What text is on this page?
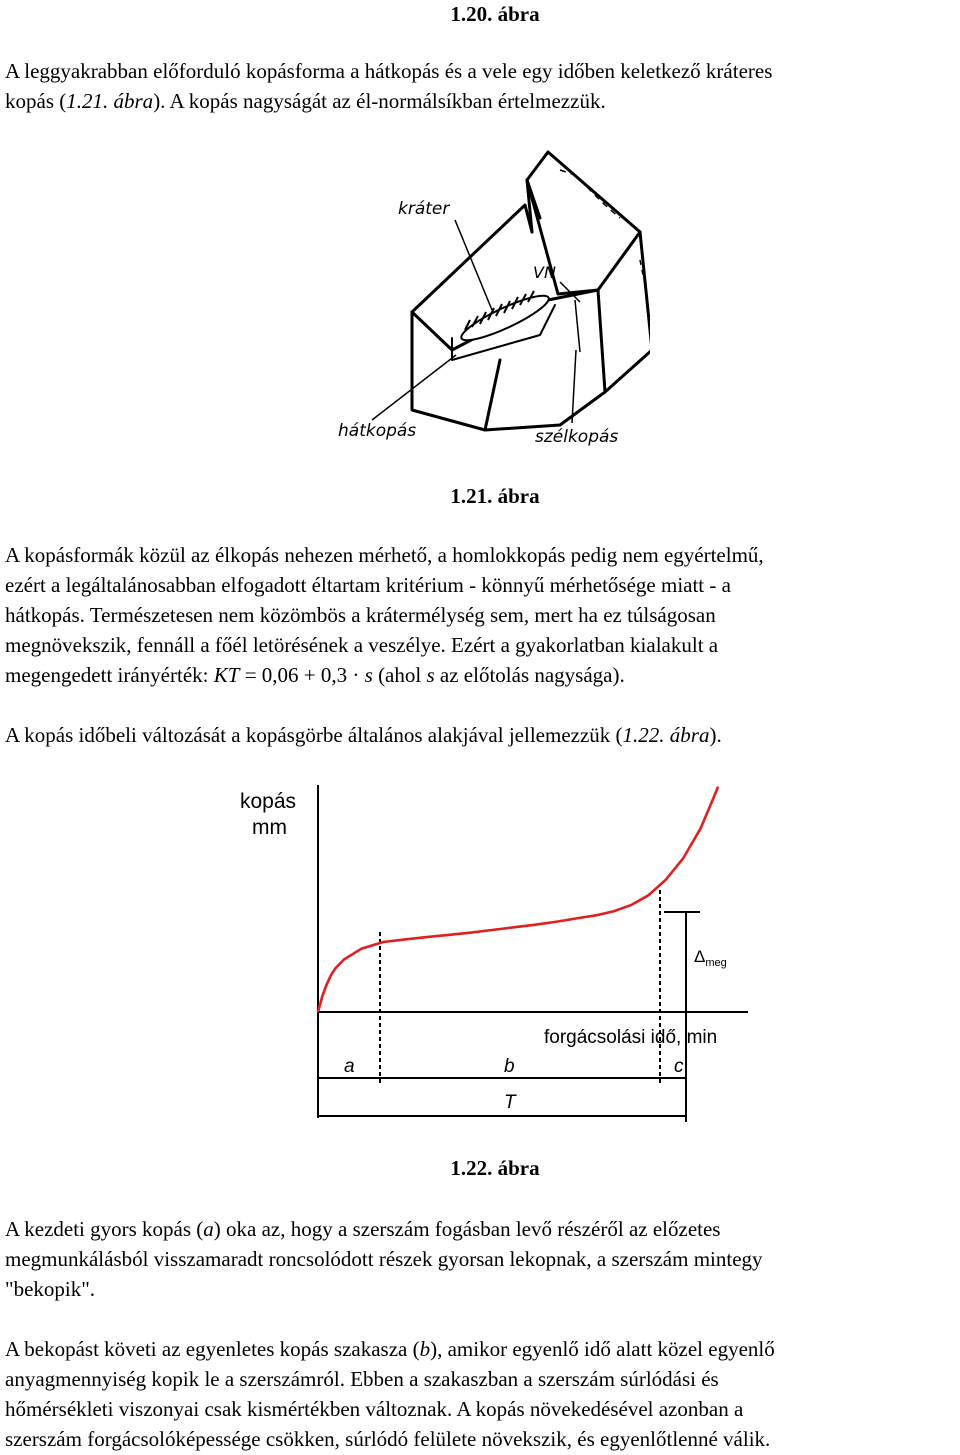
1.20. ábra
A leggyakrabban előforduló kopásforma a hátkopás és a vele egy időben keletkező kráteres
kopás (1.21. ábra). A kopás nagyságát az él-normálsíkban értelmezzük.
kráter
VN
hátkopás	szélkopás
1.21. ábra
A kopásformák közül az élkopás nehezen mérhető, a homlokkopás pedig nem egyértelmű,
ezért a legáltalánosabban elfogadott éltartam kritérium - könnyű mérhetősége miatt - a
hátkopás. Természetesen nem közömbös a krátermélység sem, mert ha ez túlságosan
megnövekszik, fennáll a főél letörésének a veszélye. Ezért a gyakorlatban kialakult a
megengedett irányérték: KT = 0,06 + 0,3 · s (ahol s az előtolás nagysága).
A kopás időbeli változását a kopásgörbe általános alakjával jellemezzük (1.22. ábra).
kopás
mm
forgácsolási idő, min
$\Delta_{meg}$
a	b	c
T
1.22. ábra
A kezdeti gyors kopás (a) oka az, hogy a szerszám fogásban levő részéről az előzetes
megmunkálásból visszamaradt roncsolódott részek gyorsan lekopnak, a szerszám mintegy
"bekopik".
A bekopást követi az egyenletes kopás szakasza (b), amikor egyenlő idő alatt közel egyenlő
anyagmennyiség kopik le a szerszámról. Ebben a szakaszban a szerszám súrlódási és
hőmérsékleti viszonyai csak kismértékben változnak. A kopás növekedésével azonban a
szerszám forgácsolóképessége csökken, súrlódó felülete növekszik, és egyenlőtlenné válik.
